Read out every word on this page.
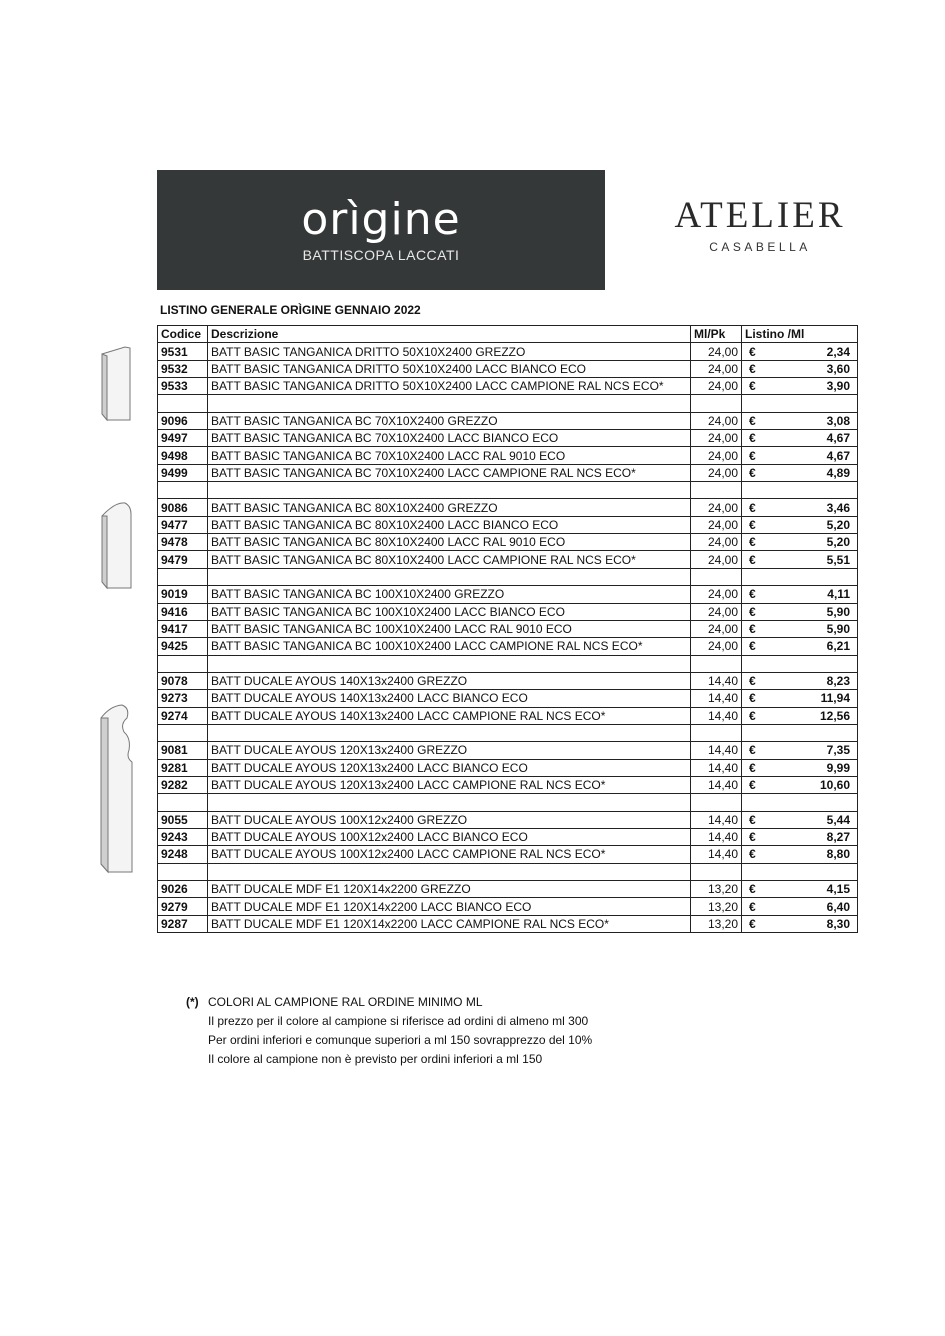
orìgine
BATTISCOPA LACCATI
ATELIER
CASABELLA
LISTINO GENERALE ORÌGINE GENNAIO 2022
Codice	Descrizione	Ml/Pk	Listino /Ml
9531	BATT BASIC TANGANICA DRITTO 50X10X2400 GREZZO	24,00	€ 2,34

9532	BATT BASIC TANGANICA DRITTO 50X10X2400 LACC BIANCO ECO	24,00	€ 3,60

9533	BATT BASIC TANGANICA DRITTO 50X10X2400 LACC CAMPIONE RAL NCS ECO*	24,00	€ 3,90

9096	BATT BASIC TANGANICA BC 70X10X2400 GREZZO	24,00	€ 3,08

9497	BATT BASIC TANGANICA BC 70X10X2400 LACC BIANCO ECO	24,00	€ 4,67

9498	BATT BASIC TANGANICA BC 70X10X2400 LACC RAL 9010 ECO	24,00	€ 4,67

9499	BATT BASIC TANGANICA BC 70X10X2400 LACC CAMPIONE RAL NCS ECO*	24,00	€ 4,89

9086	BATT BASIC TANGANICA BC 80X10X2400 GREZZO	24,00	€ 3,46

9477	BATT BASIC TANGANICA BC 80X10X2400 LACC BIANCO ECO	24,00	€ 5,20

9478	BATT BASIC TANGANICA BC 80X10X2400 LACC RAL 9010 ECO	24,00	€ 5,20

9479	BATT BASIC TANGANICA BC 80X10X2400 LACC CAMPIONE RAL NCS ECO*	24,00	€ 5,51

9019	BATT BASIC TANGANICA BC 100X10X2400 GREZZO	24,00	€ 4,11

9416	BATT BASIC TANGANICA BC 100X10X2400 LACC BIANCO ECO	24,00	€ 5,90

9417	BATT BASIC TANGANICA BC 100X10X2400 LACC RAL 9010 ECO	24,00	€ 5,90

9425	BATT BASIC TANGANICA BC 100X10X2400 LACC CAMPIONE RAL NCS ECO*	24,00	€ 6,21

9078	BATT DUCALE AYOUS 140X13x2400 GREZZO	14,40	€ 8,23

9273	BATT DUCALE AYOUS 140X13x2400 LACC BIANCO ECO	14,40	€ 11,94

9274	BATT DUCALE AYOUS 140X13x2400 LACC CAMPIONE RAL NCS ECO*	14,40	€ 12,56

9081	BATT DUCALE AYOUS 120X13x2400 GREZZO	14,40	€ 7,35

9281	BATT DUCALE AYOUS 120X13x2400 LACC BIANCO ECO	14,40	€ 9,99

9282	BATT DUCALE AYOUS 120X13x2400 LACC CAMPIONE RAL NCS ECO*	14,40	€ 10,60

9055	BATT DUCALE AYOUS 100X12x2400 GREZZO	14,40	€ 5,44

9243	BATT DUCALE AYOUS 100X12x2400 LACC BIANCO ECO	14,40	€ 8,27

9248	BATT DUCALE AYOUS 100X12x2400 LACC CAMPIONE RAL NCS ECO*	14,40	€ 8,80

9026	BATT DUCALE MDF E1 120X14x2200 GREZZO	13,20	€ 4,15

9279	BATT DUCALE MDF E1 120X14x2200 LACC BIANCO ECO	13,20	€ 6,40

9287	BATT DUCALE MDF E1 120X14x2200 LACC CAMPIONE RAL NCS ECO*	13,20	€ 8,30
(*) COLORI AL CAMPIONE RAL ORDINE MINIMO ML
Il prezzo per il colore al campione si riferisce ad ordini di almeno ml 300
Per ordini inferiori e comunque superiori a ml 150 sovrapprezzo del 10%
Il colore al campione non è previsto per ordini inferiori a ml 150
